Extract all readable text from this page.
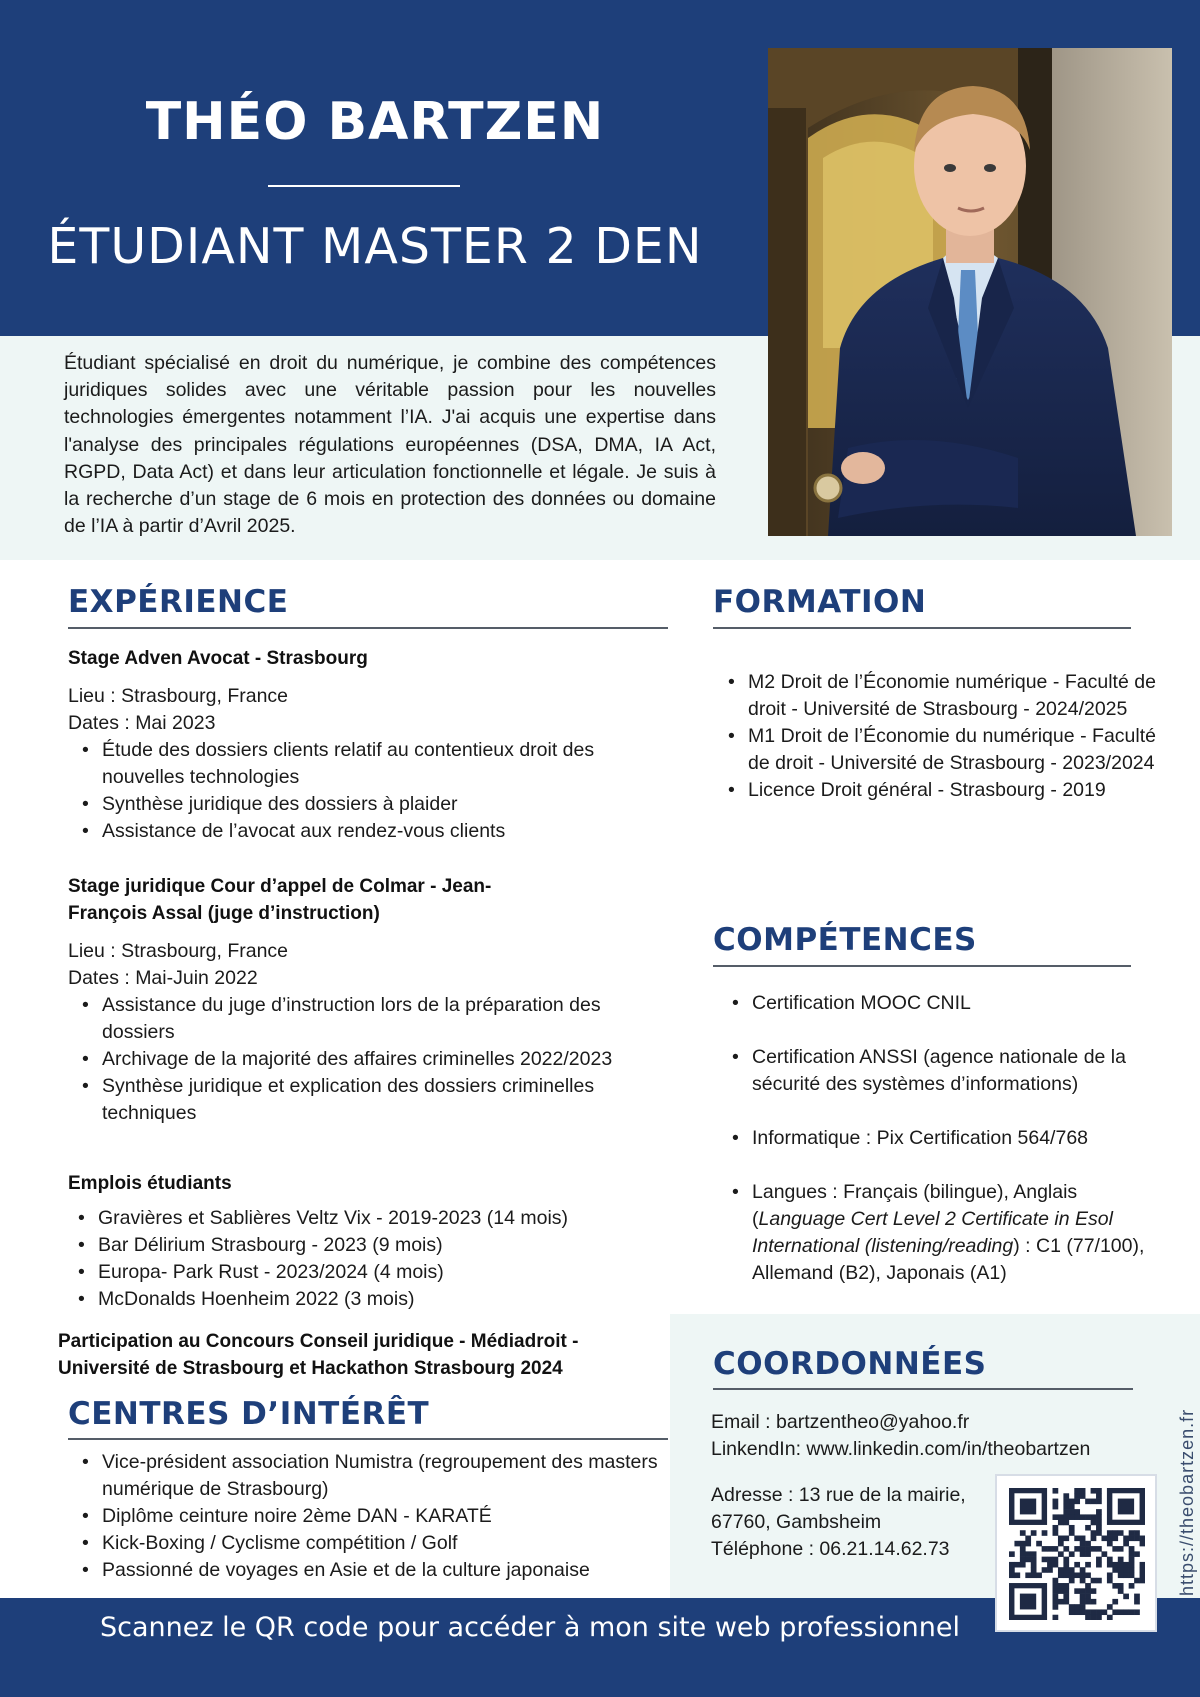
THÉO BARTZEN
ÉTUDIANT MASTER 2 DEN

Étudiant spécialisé en droit du numérique, je combine des compétences juridiques solides avec une véritable passion pour les nouvelles technologies émergentes notamment l’IA. J'ai acquis une expertise dans l'analyse des principales régulations européennes (DSA, DMA, IA Act, RGPD, Data Act) et dans leur articulation fonctionnelle et légale. Je suis à la recherche d’un stage de 6 mois en protection des données ou domaine de l’IA à partir d’Avril 2025.

EXPÉRIENCE
Stage Adven Avocat - Strasbourg
Lieu : Strasbourg, France
Dates : Mai 2023
• Étude des dossiers clients relatif au contentieux droit des nouvelles technologies
• Synthèse juridique des dossiers à plaider
• Assistance de l’avocat aux rendez-vous clients
Stage juridique Cour d’appel de Colmar - Jean-
François Assal (juge d’instruction)
Lieu : Strasbourg, France
Dates : Mai-Juin 2022
• Assistance du juge d’instruction lors de la préparation des dossiers
• Archivage de la majorité des affaires criminelles 2022/2023
• Synthèse juridique et explication des dossiers criminelles techniques
Emplois étudiants
• Gravières et Sablières Veltz Vix - 2019-2023 (14 mois)
• Bar Délirium Strasbourg - 2023 (9 mois)
• Europa- Park Rust - 2023/2024 (4 mois)
• McDonalds Hoenheim 2022 (3 mois)
Participation au Concours Conseil juridique - Médiadroit -
Université de Strasbourg et Hackathon Strasbourg 2024
CENTRES D’INTÉRÊT
• Vice-président association Numistra (regroupement des masters numérique de Strasbourg)
• Diplôme ceinture noire 2ème DAN - KARATÉ
• Kick-Boxing / Cyclisme compétition / Golf
• Passionné de voyages en Asie et de la culture japonaise
FORMATION
• M2 Droit de l’Économie numérique - Faculté de droit - Université de Strasbourg - 2024/2025
• M1 Droit de l’Économie du numérique - Faculté de droit - Université de Strasbourg - 2023/2024
• Licence Droit général - Strasbourg - 2019
COMPÉTENCES
• Certification MOOC CNIL
• Certification ANSSI (agence nationale de la sécurité des systèmes d’informations)
• Informatique : Pix Certification 564/768
• Langues : Français (bilingue), Anglais (Language Cert Level 2 Certificate in Esol International (listening/reading) : C1 (77/100), Allemand (B2), Japonais (A1)
COORDONNÉES
Email : bartzentheo@yahoo.fr
LinkendIn: www.linkedin.com/in/theobartzen
Adresse : 13 rue de la mairie,
67760, Gambsheim
Téléphone : 06.21.14.62.73	https://theobartzen.fr
Scannez le QR code pour accéder à mon site web professionnel
